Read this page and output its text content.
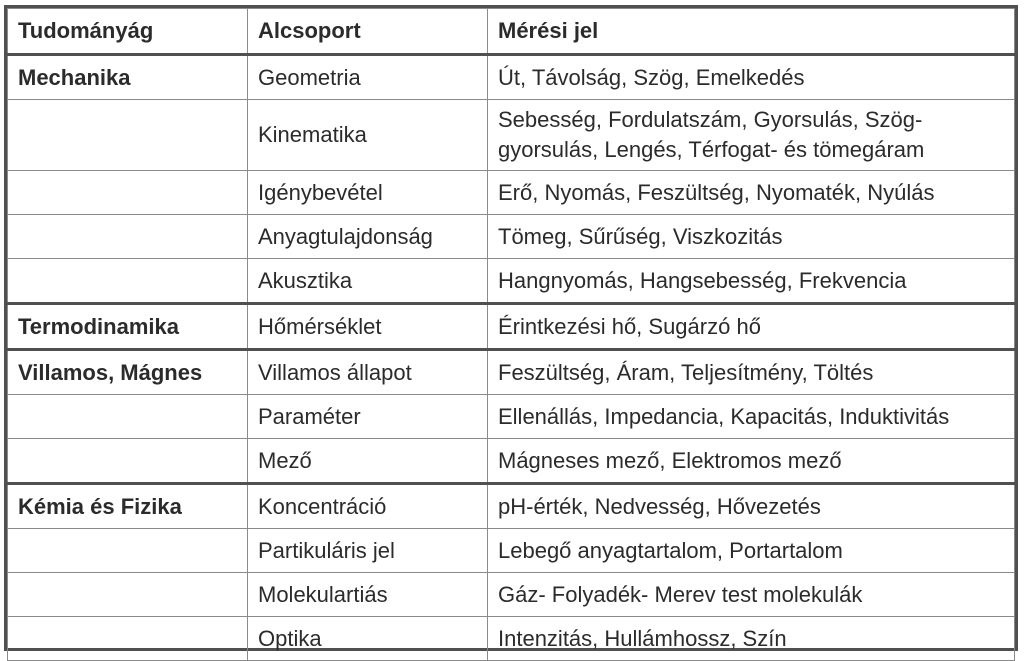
Tudományág	Alcsoport	Mérési jel
Mechanika	Geometria	Út, Távolság, Szög, Emelkedés
	Kinematika	Sebesség, Fordulatszám, Gyorsulás, Szög-gyorsulás, Lengés, Térfogat- és tömegáram
	Igénybevétel	Erő, Nyomás, Feszültség, Nyomaték, Nyúlás
	Anyagtulajdonság	Tömeg, Sűrűség, Viszkozitás
	Akusztika	Hangnyomás, Hangsebesség, Frekvencia
Termodinamika	Hőmérséklet	Érintkezési hő, Sugárzó hő
Villamos, Mágnes	Villamos állapot	Feszültség, Áram, Teljesítmény, Töltés
	Paraméter	Ellenállás, Impedancia, Kapacitás, Induktivitás
	Mező	Mágneses mező, Elektromos mező
Kémia és Fizika	Koncentráció	pH-érték, Nedvesség, Hővezetés
	Partikuláris jel	Lebegő anyagtartalom, Portartalom
	Molekulartiás	Gáz- Folyadék- Merev test molekulák
	Optika	Intenzitás, Hullámhossz, Szín
